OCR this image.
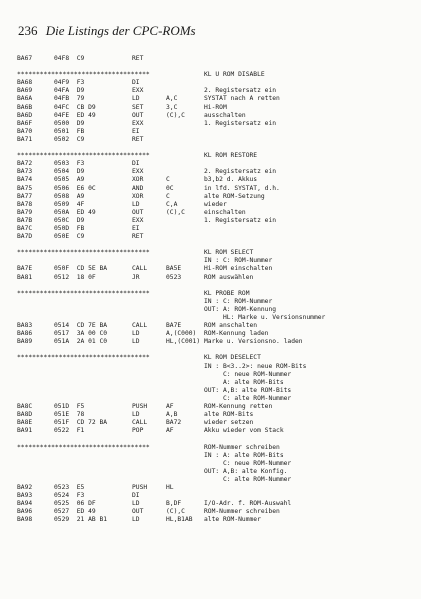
236 Die Listings der CPC-ROMs
BA67	04F8  C9	RET
***********************************	KL U ROM DISABLE
BA68	04F9  F3	DI
BA69	04FA  D9	EXX	2. Registersatz ein
BA6A	04FB  79	LD	A,C	SYSTAT nach A retten
BA6B	04FC  CB D9	SET	3,C	Hi-ROM
BA6D	04FE  ED 49	OUT	(C),C	ausschalten
BA6F	0500  D9	EXX	1. Registersatz ein
BA70	0501  FB	EI
BA71	0502  C9	RET
***********************************	KL ROM RESTORE
BA72	0503  F3	DI
BA73	0504  D9	EXX	2. Registersatz ein
BA74	0505  A9	XOR	C	b3,b2 d. Akkus
BA75	0506  E6 0C	AND	0C	in lfd. SYSTAT, d.h.
BA77	0508  A9	XOR	C	alte ROM-Setzung
BA78	0509  4F	LD	C,A	wieder
BA79	050A  ED 49	OUT	(C),C	einschalten
BA7B	050C  D9	EXX	1. Registersatz ein
BA7C	050D  FB	EI
BA7D	050E  C9	RET
***********************************	KL ROM SELECT
IN : C: ROM-Nummer
BA7E	050F  CD 5E BA	CALL	BA5E	Hi-ROM einschalten
BA81	0512  18 0F	JR	0523	ROM auswählen
***********************************	KL PROBE ROM
IN : C: ROM-Nummer
OUT: A: ROM-Kennung
HL: Marke u. Versionsnummer
BA83	0514  CD 7E BA	CALL	BA7E	ROM anschalten
BA86	0517  3A 00 C0	LD	A,(C000) ROM-Kennung laden
BA89	051A  2A 01 C0	LD	HL,(C001) Marke u. Versionsno. laden
***********************************	KL ROM DESELECT
IN : B<3..2>: neue ROM-Bits
C: neue ROM-Nummer
A: alte ROM-Bits
OUT: A,B: alte ROM-Bits
C: alte ROM-Nummer
BA8C	051D  F5	PUSH	AF	ROM-Kennung retten
BA8D	051E  78	LD	A,B	alte ROM-Bits
BA8E	051F  CD 72 BA	CALL	BA72	wieder setzen
BA91	0522  F1	POP	AF	Akku wieder vom Stack
***********************************	ROM-Nummer schreiben
IN : A: alte ROM-Bits
C: neue ROM-Nummer
OUT: A,B: alte Konfig.
C: alte ROM-Nummer
BA92	0523  E5	PUSH	HL
BA93	0524  F3	DI
BA94	0525  06 DF	LD	B,DF	I/O-Adr. f. ROM-Auswahl
BA96	0527  ED 49	OUT	(C),C	ROM-Nummer schreiben
BA98	0529  21 AB B1	LD	HL,B1AB alte ROM-Nummer
